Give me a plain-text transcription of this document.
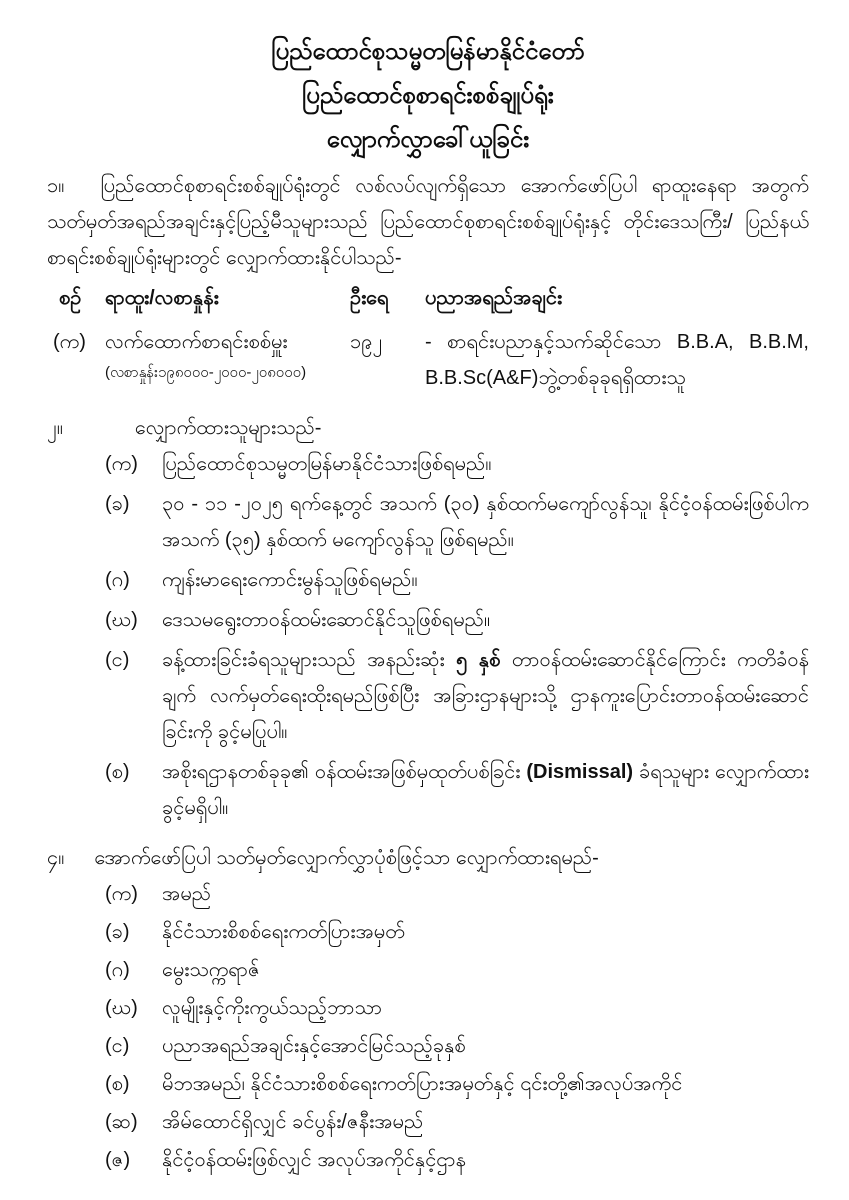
ပြည်ထောင်စုသမ္မတမြန်မာနိုင်ငံတော်
ပြည်ထောင်စုစာရင်းစစ်ချုပ်ရုံး
လျှောက်လွှာခေါ်ယူခြင်း
၁။ ပြည်ထောင်စုစာရင်းစစ်ချုပ်ရုံးတွင် လစ်လပ်လျက်ရှိသော အောက်ဖော်ပြပါ ရာထူးနေရာ အတွက် သတ်မှတ်အရည်အချင်းနှင့်ပြည့်မီသူများသည် ပြည်ထောင်စုစာရင်းစစ်ချုပ်ရုံးနှင့် တိုင်းဒေသကြီး/ ပြည်နယ် စာရင်းစစ်ချုပ်ရုံးများတွင် လျှောက်ထားနိုင်ပါသည်-
စဉ်	ရာထူး/လစာနှုန်း	ဦးရေ	ပညာအရည်အချင်း
(က) လက်ထောက်စာရင်းစစ်မှူး
(လစာနှုန်း၁၉၈၀၀၀-၂၀၀၀-၂၀၈၀၀၀)
၁၉၂	- စာရင်းပညာနှင့်သက်ဆိုင်သော B.B.A, B.B.M, B.B.Sc(A&F)ဘွဲ့တစ်ခုခုရရှိထားသူ
၂။	လျှောက်ထားသူများသည်-
(က)	ပြည်ထောင်စုသမ္မတမြန်မာနိုင်ငံသားဖြစ်ရမည်။
(ခ)	၃၀ - ၁၁ -၂၀၂၅ ရက်နေ့တွင် အသက် (၃၀) နှစ်ထက်မကျော်လွန်သူ၊ နိုင်ငံ့ဝန်ထမ်းဖြစ်ပါက အသက် (၃၅) နှစ်ထက် မကျော်လွန်သူ ဖြစ်ရမည်။
(ဂ)	ကျန်းမာရေးကောင်းမွန်သူဖြစ်ရမည်။
(ဃ)	ဒေသမရွေးတာဝန်ထမ်းဆောင်နိုင်သူဖြစ်ရမည်။
(င)	ခန့်ထားခြင်းခံရသူများသည် အနည်းဆုံး ၅ နှစ် တာဝန်ထမ်းဆောင်နိုင်ကြောင်း ကတိခံဝန်ချက် လက်မှတ်ရေးထိုးရမည်ဖြစ်ပြီး အခြားဌာနများသို့ ဌာနကူးပြောင်းတာဝန်ထမ်းဆောင်ခြင်းကို ခွင့်မပြုပါ။
(စ)	အစိုးရဌာနတစ်ခုခု၏ ဝန်ထမ်းအဖြစ်မှထုတ်ပစ်ခြင်း (Dismissal) ခံရသူများ လျှောက်ထားခွင့်မရှိပါ။
၄။ အောက်ဖော်ပြပါ သတ်မှတ်လျှောက်လွှာပုံစံဖြင့်သာ လျှောက်ထားရမည်-
(က)	အမည်
(ခ)	နိုင်ငံသားစိစစ်ရေးကတ်ပြားအမှတ်
(ဂ)	မွေးသက္ကရာဇ်
(ဃ)	လူမျိုးနှင့်ကိုးကွယ်သည့်ဘာသာ
(င)	ပညာအရည်အချင်းနှင့်အောင်မြင်သည့်ခုနှစ်
(စ)	မိဘအမည်၊ နိုင်ငံသားစိစစ်ရေးကတ်ပြားအမှတ်နှင့် ၎င်းတို့၏အလုပ်အကိုင်
(ဆ)	အိမ်ထောင်ရှိလျှင် ခင်ပွန်း/ဇနီးအမည်
(ဇ)	နိုင်ငံ့ဝန်ထမ်းဖြစ်လျှင် အလုပ်အကိုင်နှင့်ဌာန
